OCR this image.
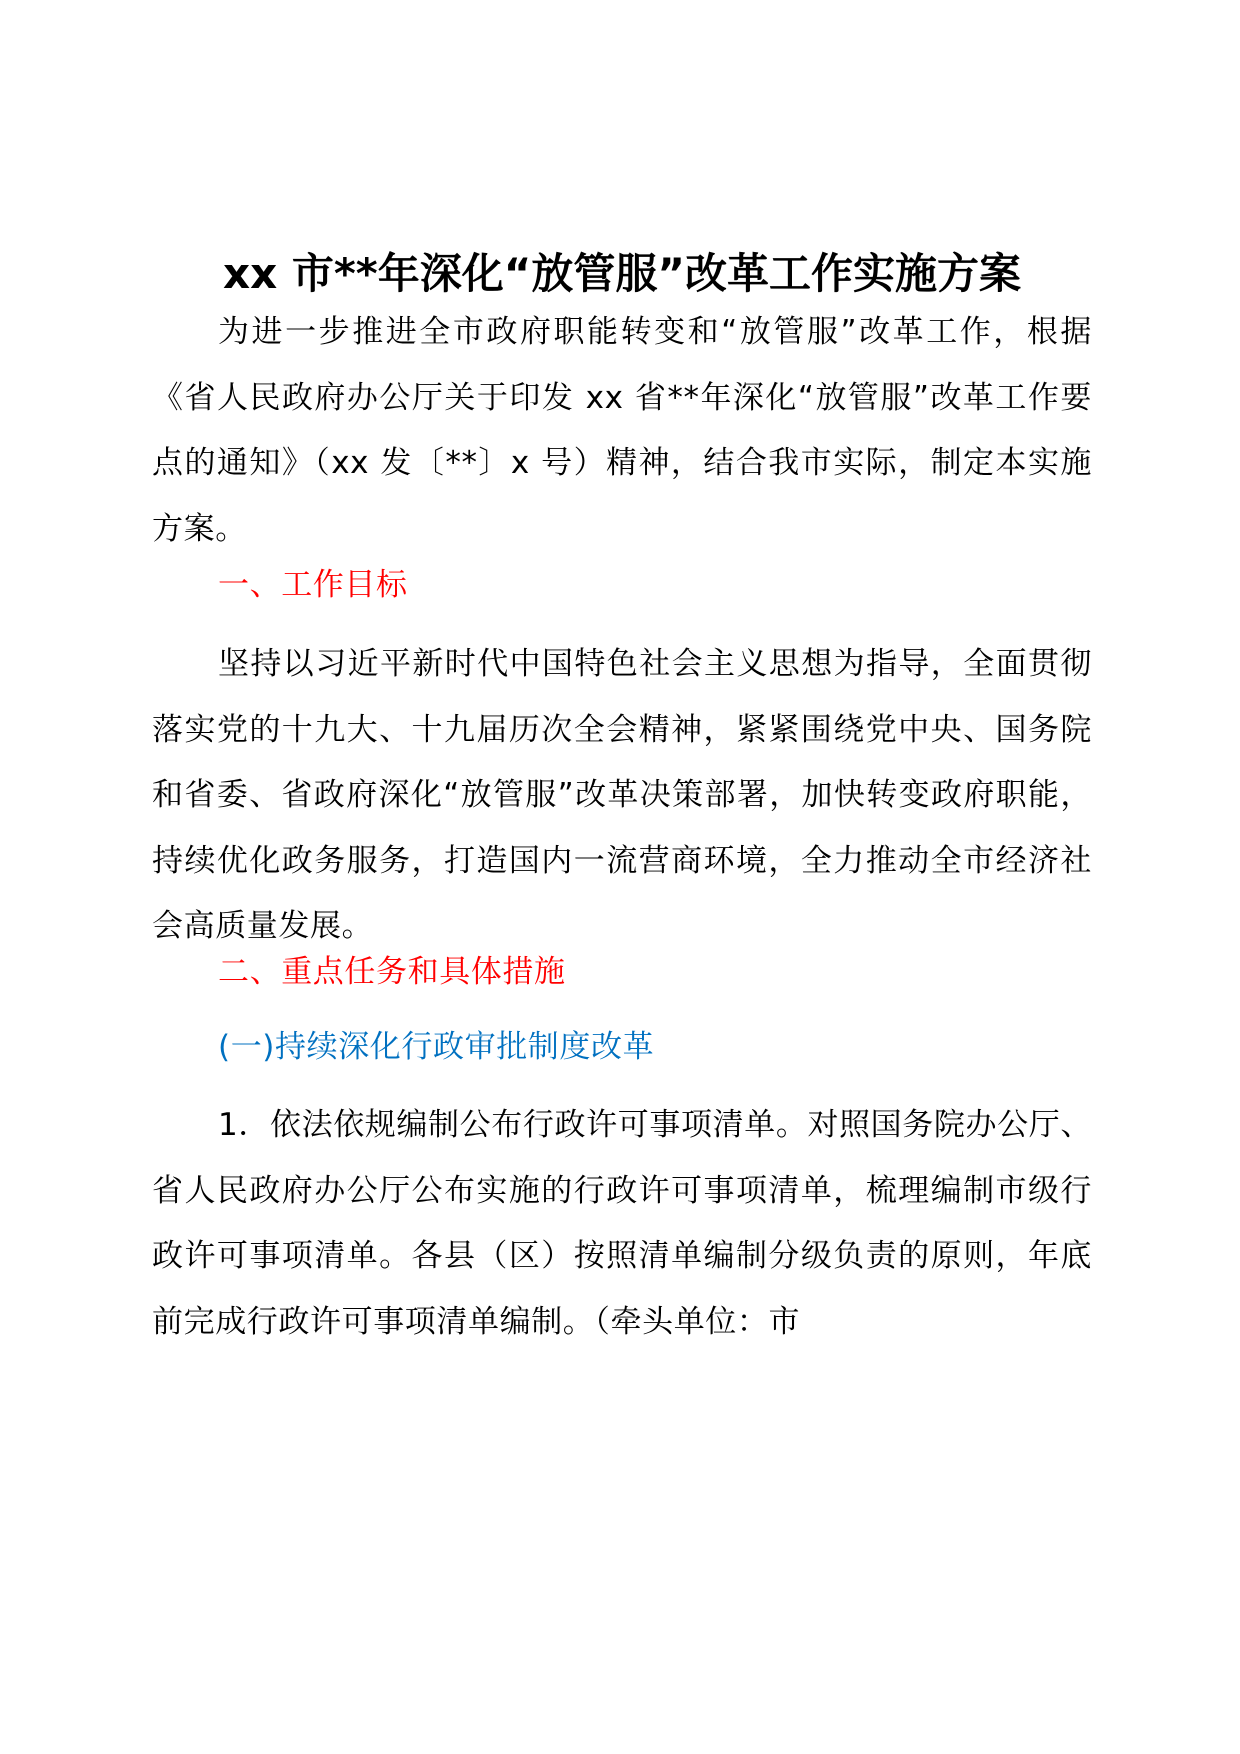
xx 市**年深化“放管服”改革工作实施方案

为进一步推进全市政府职能转变和“放管服”改革工作，根据《省人民政府办公厅关于印发 xx 省**年深化“放管服”改革工作要点的通知》（xx 发〔**〕x 号）精神，结合我市实际，制定本实施方案。

一、工作目标

坚持以习近平新时代中国特色社会主义思想为指导，全面贯彻落实党的十九大、十九届历次全会精神，紧紧围绕党中央、国务院和省委、省政府深化“放管服”改革决策部署，加快转变政府职能，持续优化政务服务，打造国内一流营商环境，全力推动全市经济社会高质量发展。

二、重点任务和具体措施
(一)持续深化行政审批制度改革

1．依法依规编制公布行政许可事项清单。对照国务院办公厅、省人民政府办公厅公布实施的行政许可事项清单，梳理编制市级行政许可事项清单。各县（区）按照清单编制分级负责的原则，年底前完成行政许可事项清单编制。（牵头单位：市
